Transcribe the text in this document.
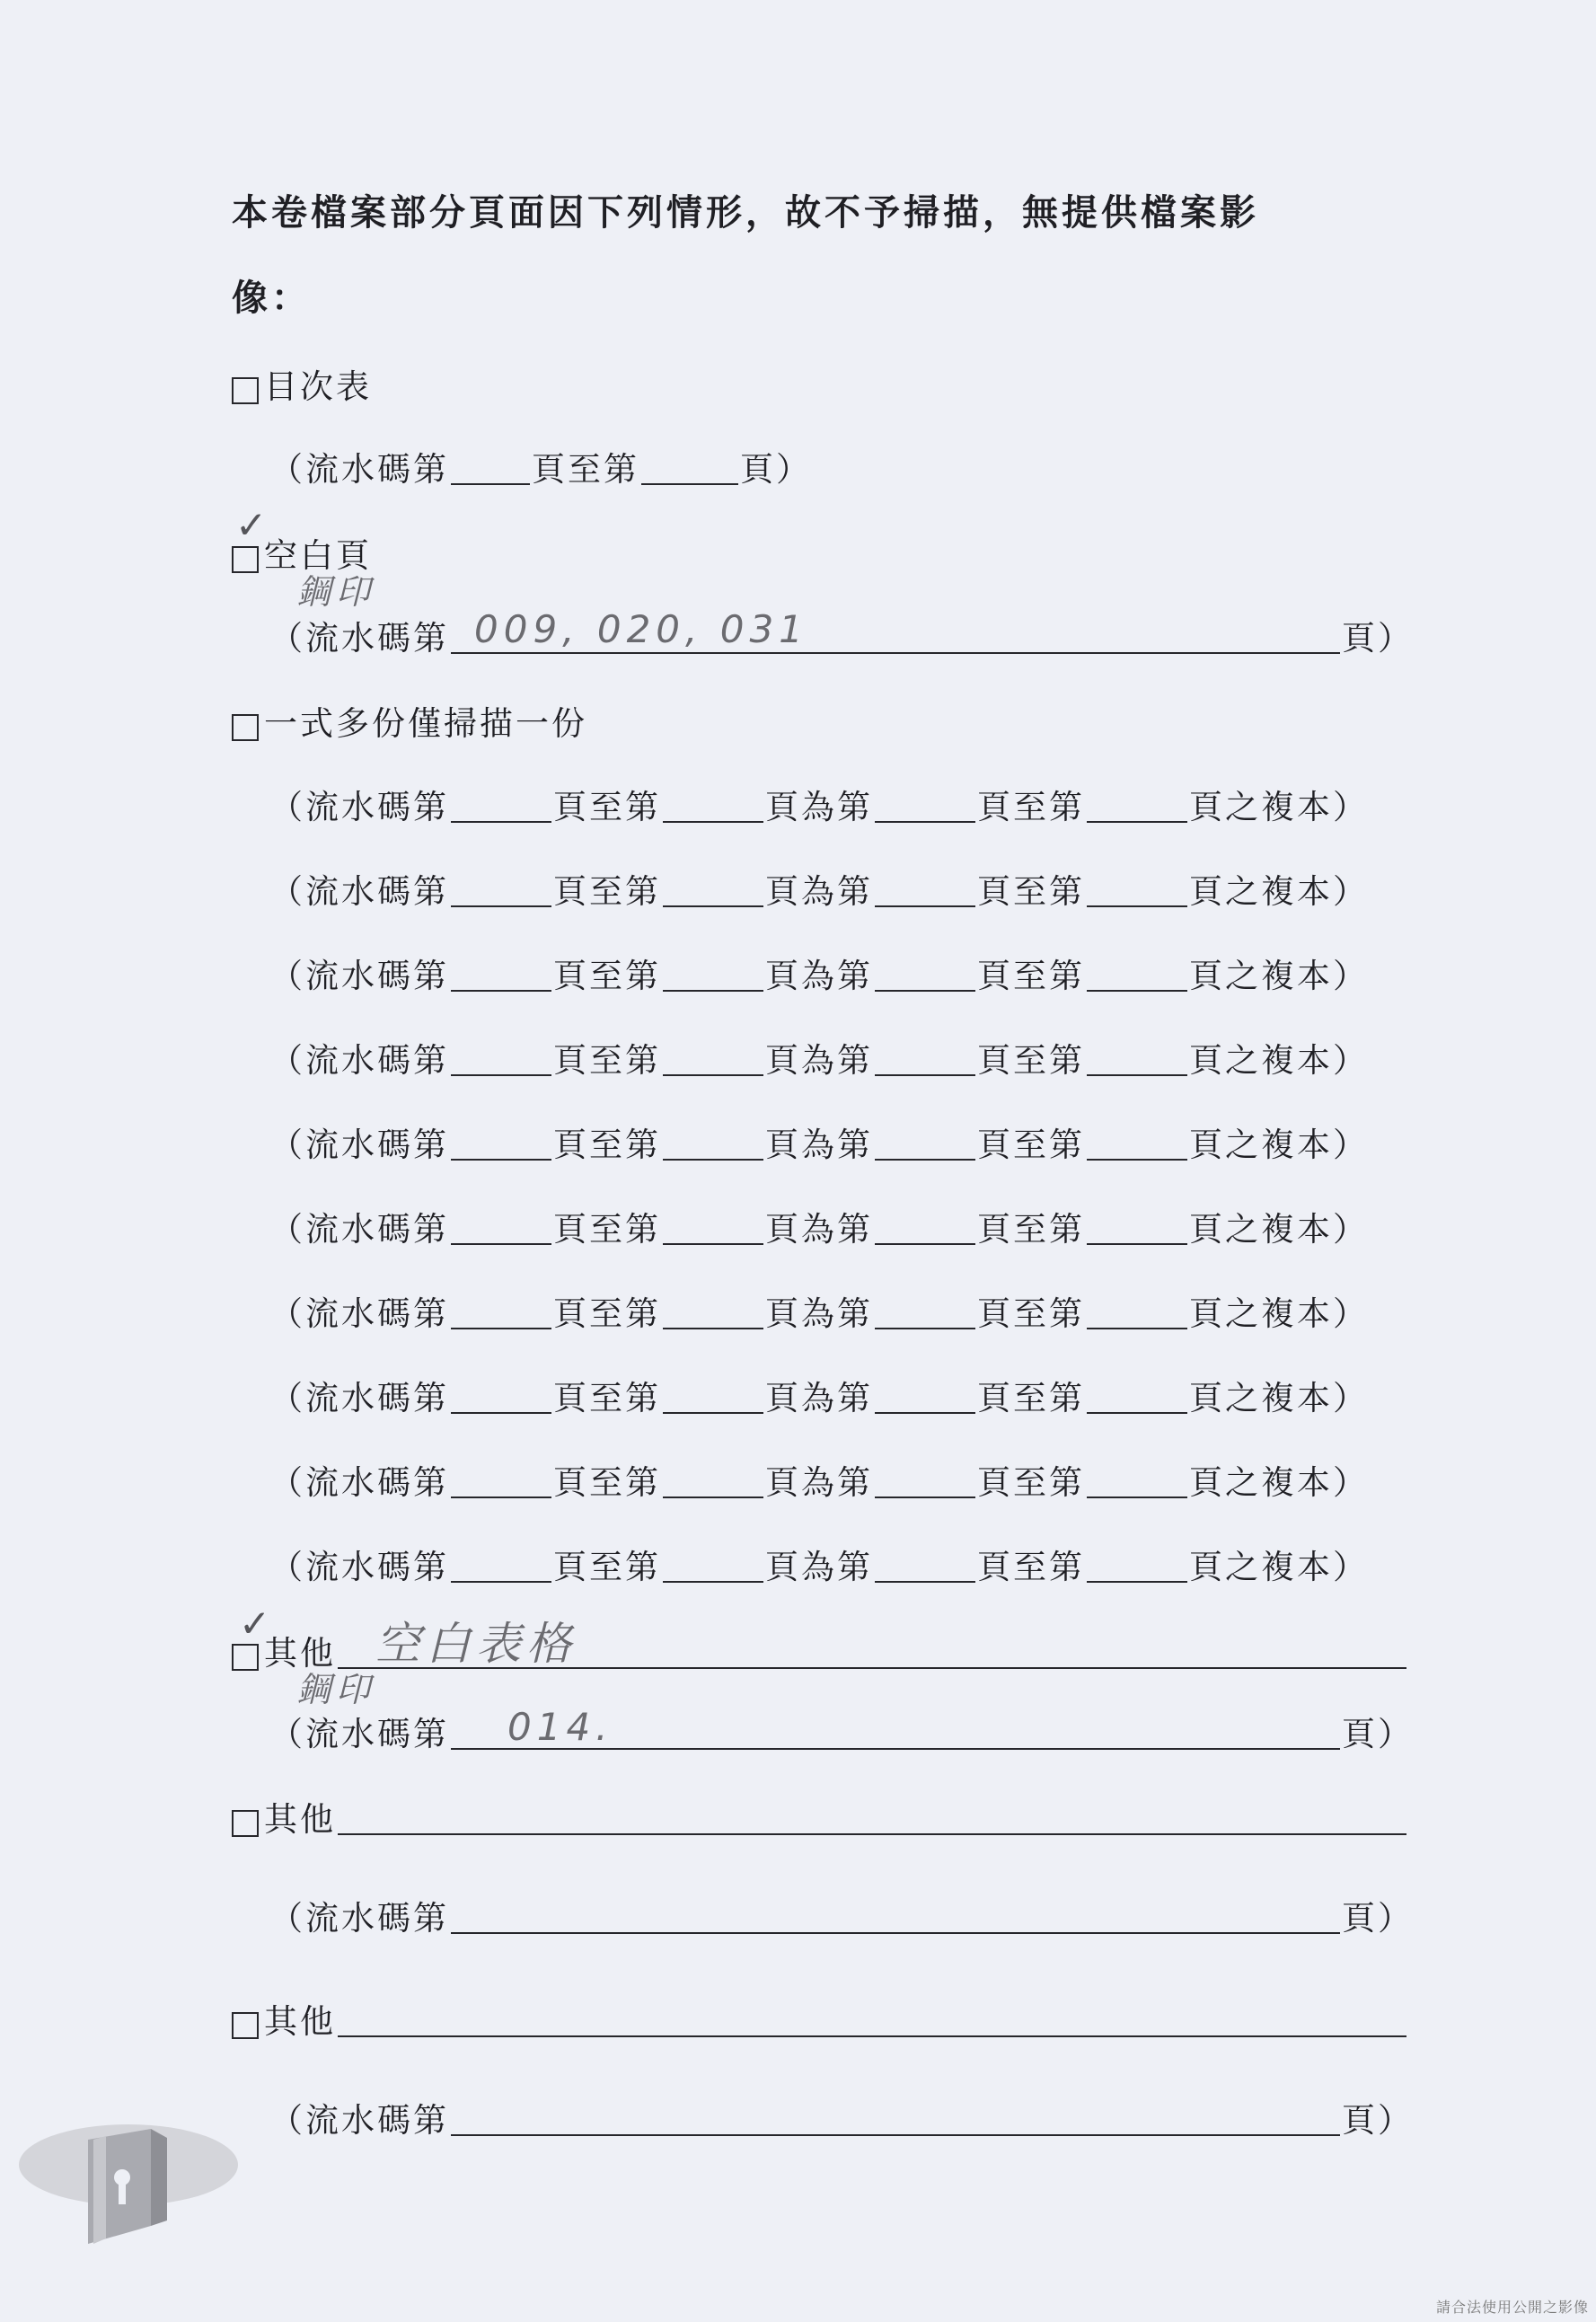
本卷檔案部分頁面因下列情形，故不予掃描，無提供檔案影
像：
目次表
（流水碼第 頁至第	頁）
空白頁
✓
鋼印
（流水碼第	頁）
009, 020, 031
一式多份僅掃描一份
（流水碼第	頁至第	頁為第	頁至第	頁之複本）
（流水碼第	頁至第	頁為第	頁至第	頁之複本）
（流水碼第	頁至第	頁為第	頁至第	頁之複本）
（流水碼第	頁至第	頁為第	頁至第	頁之複本）
（流水碼第	頁至第	頁為第	頁至第	頁之複本）
（流水碼第	頁至第	頁為第	頁至第	頁之複本）
（流水碼第	頁至第	頁為第	頁至第	頁之複本）
（流水碼第	頁至第	頁為第	頁至第	頁之複本）
（流水碼第	頁至第	頁為第	頁至第	頁之複本）
（流水碼第	頁至第	頁為第	頁至第	頁之複本）
其他
✓ 空白表格
鋼印
（流水碼第	頁）
014.
其他
（流水碼第	頁）
其他
（流水碼第	頁）
請合法使用公開之影像
